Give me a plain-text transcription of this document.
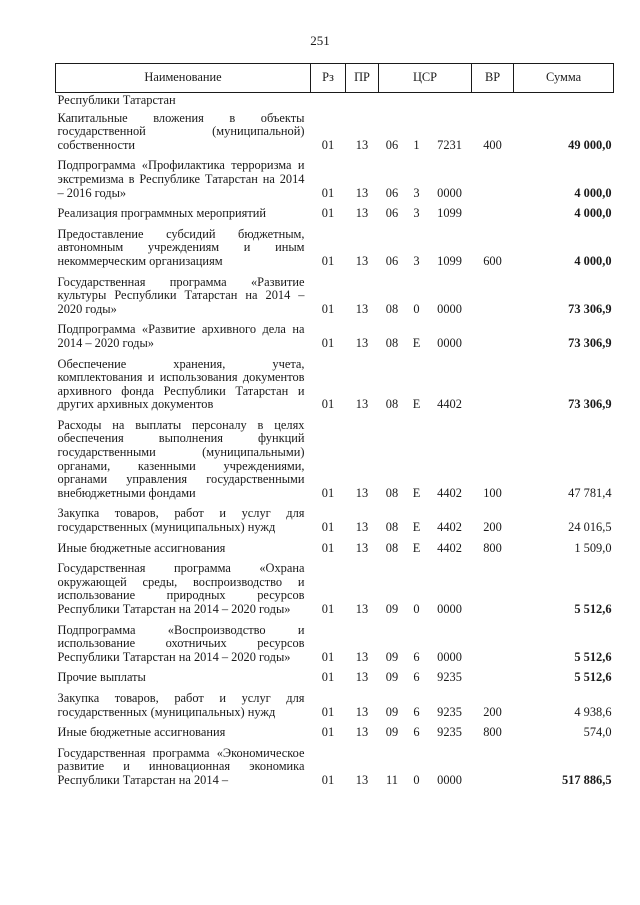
251
Наименование	Рз	ПР	ЦСР			ВР	Сумма
Республики Татарстан							
Капитальные вложения в объекты государственной (муниципальной) собственности	01	13	06	1	7231	400	49 000,0
Подпрограмма «Профилактика терроризма и экстремизма в Республике Татарстан на 2014 – 2016 годы»	01	13	06	3	0000		4 000,0
Реализация программных мероприятий	01	13	06	3	1099		4 000,0
Предоставление субсидий бюджетным, автономным учреждениям и иным некоммерческим организациям	01	13	06	3	1099	600	4 000,0
Государственная программа «Развитие культуры Республики Татарстан на 2014 – 2020 годы»	01	13	08	0	0000		73 306,9
Подпрограмма «Развитие архивного дела на 2014 – 2020 годы»	01	13	08	Е	0000		73 306,9
Обеспечение хранения, учета, комплектования и использования документов архивного фонда Республики Татарстан и других архивных документов	01	13	08	Е	4402		73 306,9
Расходы на выплаты персоналу в целях обеспечения выполнения функций государственными (муниципальными) органами, казенными учреждениями, органами управления государственными внебюджетными фондами	01	13	08	Е	4402	100	47 781,4
Закупка товаров, работ и услуг для государственных (муниципальных) нужд	01	13	08	Е	4402	200	24 016,5
Иные бюджетные ассигнования	01	13	08	Е	4402	800	1 509,0
Государственная программа «Охрана окружающей среды, воспроизводство и использование природных ресурсов Республики Татарстан на 2014 – 2020 годы»	01	13	09	0	0000		5 512,6
Подпрограмма «Воспроизводство и использование охотничьих ресурсов Республики Татарстан на 2014 – 2020 годы»	01	13	09	6	0000		5 512,6
Прочие выплаты	01	13	09	6	9235		5 512,6
Закупка товаров, работ и услуг для государственных (муниципальных) нужд	01	13	09	6	9235	200	4 938,6
Иные бюджетные ассигнования	01	13	09	6	9235	800	574,0
Государственная программа «Экономическое развитие и инновационная экономика Республики Татарстан на 2014 –	01	13	11	0	0000		517 886,5
